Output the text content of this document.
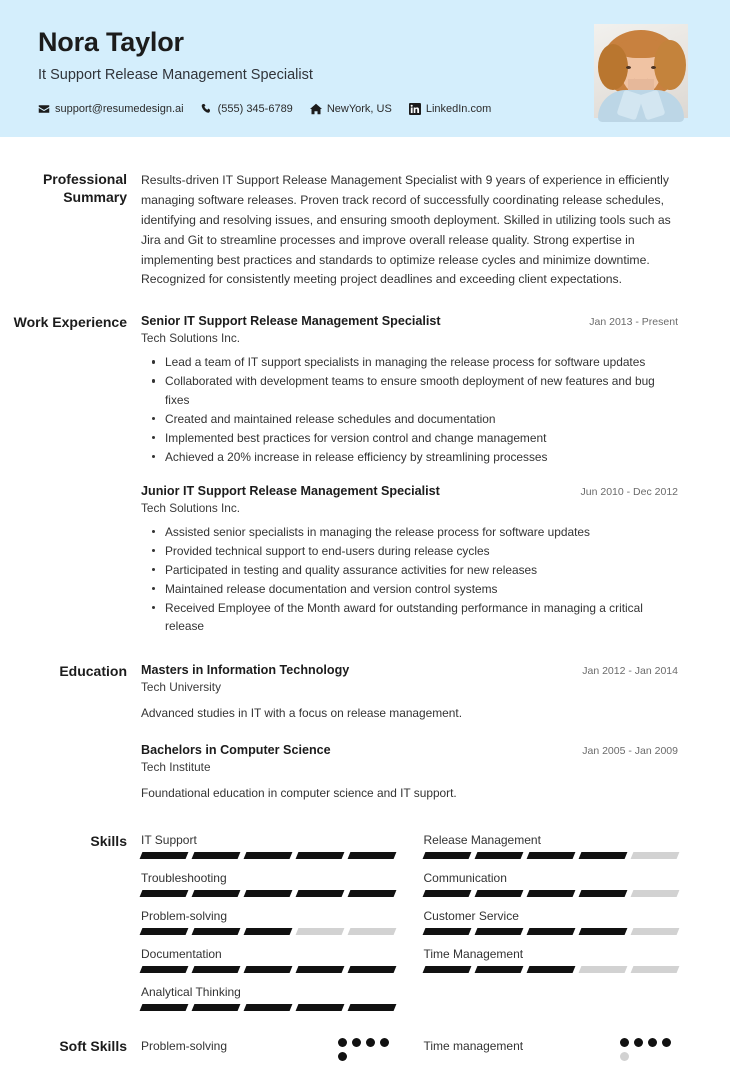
Nora Taylor
It Support Release Management Specialist
support@resumedesign.ai	(555) 345-6789	NewYork, US	LinkedIn.com
Professional Summary
Results-driven IT Support Release Management Specialist with 9 years of experience in efficiently managing software releases. Proven track record of successfully coordinating release schedules, identifying and resolving issues, and ensuring smooth deployment. Skilled in utilizing tools such as Jira and Git to streamline processes and improve overall release quality. Strong expertise in implementing best practices and standards to optimize release cycles and minimize downtime. Recognized for consistently meeting project deadlines and exceeding client expectations.
Work Experience	Senior IT Support Release Management Specialist	Jan 2013 - Present
Tech Solutions Inc.
Lead a team of IT support specialists in managing the release process for software updates
Collaborated with development teams to ensure smooth deployment of new features and bug fixes
Created and maintained release schedules and documentation
Implemented best practices for version control and change management
Achieved a 20% increase in release efficiency by streamlining processes
Junior IT Support Release Management Specialist	Jun 2010 - Dec 2012
Tech Solutions Inc.
Assisted senior specialists in managing the release process for software updates
Provided technical support to end-users during release cycles
Participated in testing and quality assurance activities for new releases
Maintained release documentation and version control systems
Received Employee of the Month award for outstanding performance in managing a critical release
Education	Masters in Information Technology	Jan 2012 - Jan 2014
Tech University
Advanced studies in IT with a focus on release management.
Bachelors in Computer Science	Jan 2005 - Jan 2009
Tech Institute
Foundational education in computer science and IT support.
Skills	IT Support	Release Management
Troubleshooting	Communication
Problem-solving	Customer Service
Documentation	Time Management
Analytical Thinking
Soft Skills	Problem-solving	Time management
